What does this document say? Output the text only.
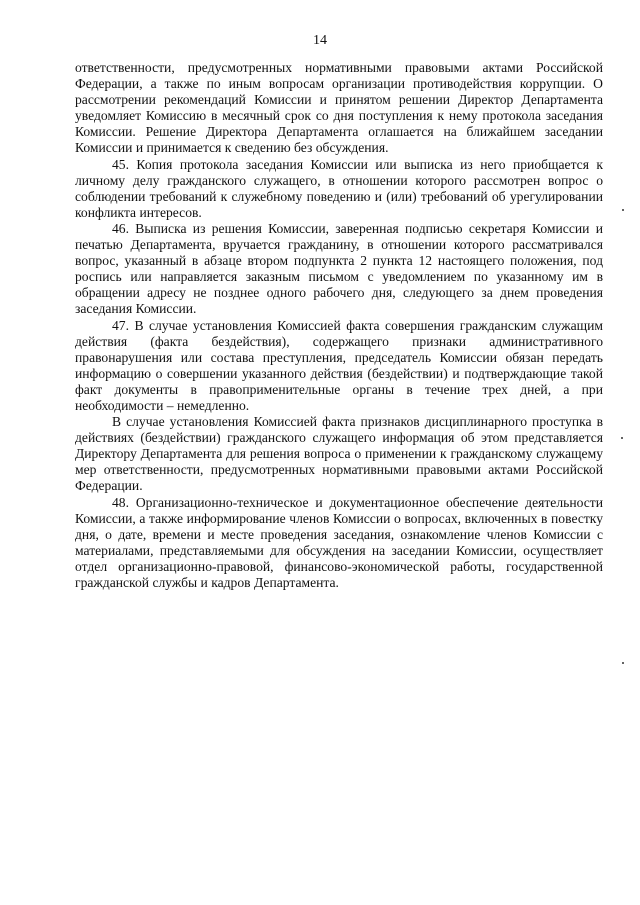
14

ответственности, предусмотренных нормативными правовыми актами Российской Федерации, а также по иным вопросам организации противодействия коррупции. О рассмотрении рекомендаций Комиссии и принятом решении Директор Департамента уведомляет Комиссию в месячный срок со дня поступления к нему протокола заседания Комиссии. Решение Директора Департамента оглашается на ближайшем заседании Комиссии и принимается к сведению без обсуждения.

45. Копия протокола заседания Комиссии или выписка из него приобщается к личному делу гражданского служащего, в отношении которого рассмотрен вопрос о соблюдении требований к служебному поведению и (или) требований об урегулировании конфликта интересов.

46. Выписка из решения Комиссии, заверенная подписью секретаря Комиссии и печатью Департамента, вручается гражданину, в отношении которого рассматривался вопрос, указанный в абзаце втором подпункта 2 пункта 12 настоящего положения, под роспись или направляется заказным письмом с уведомлением по указанному им в обращении адресу не позднее одного рабочего дня, следующего за днем проведения заседания Комиссии.

47. В случае установления Комиссией факта совершения гражданским служащим действия (факта бездействия), содержащего признаки административного правонарушения или состава преступления, председатель Комиссии обязан передать информацию о совершении указанного действия (бездействии) и подтверждающие такой факт документы в правоприменительные органы в течение трех дней, а при необходимости – немедленно.

В случае установления Комиссией факта признаков дисциплинарного проступка в действиях (бездействии) гражданского служащего информация об этом представляется Директору Департамента для решения вопроса о применении к гражданскому служащему мер ответственности, предусмотренных нормативными правовыми актами Российской Федерации.

48. Организационно-техническое и документационное обеспечение деятельности Комиссии, а также информирование членов Комиссии о вопросах, включенных в повестку дня, о дате, времени и месте проведения заседания, ознакомление членов Комиссии с материалами, представляемыми для обсуждения на заседании Комиссии, осуществляет отдел организационно-правовой, финансово-экономической работы, государственной гражданской службы и кадров Департамента.
